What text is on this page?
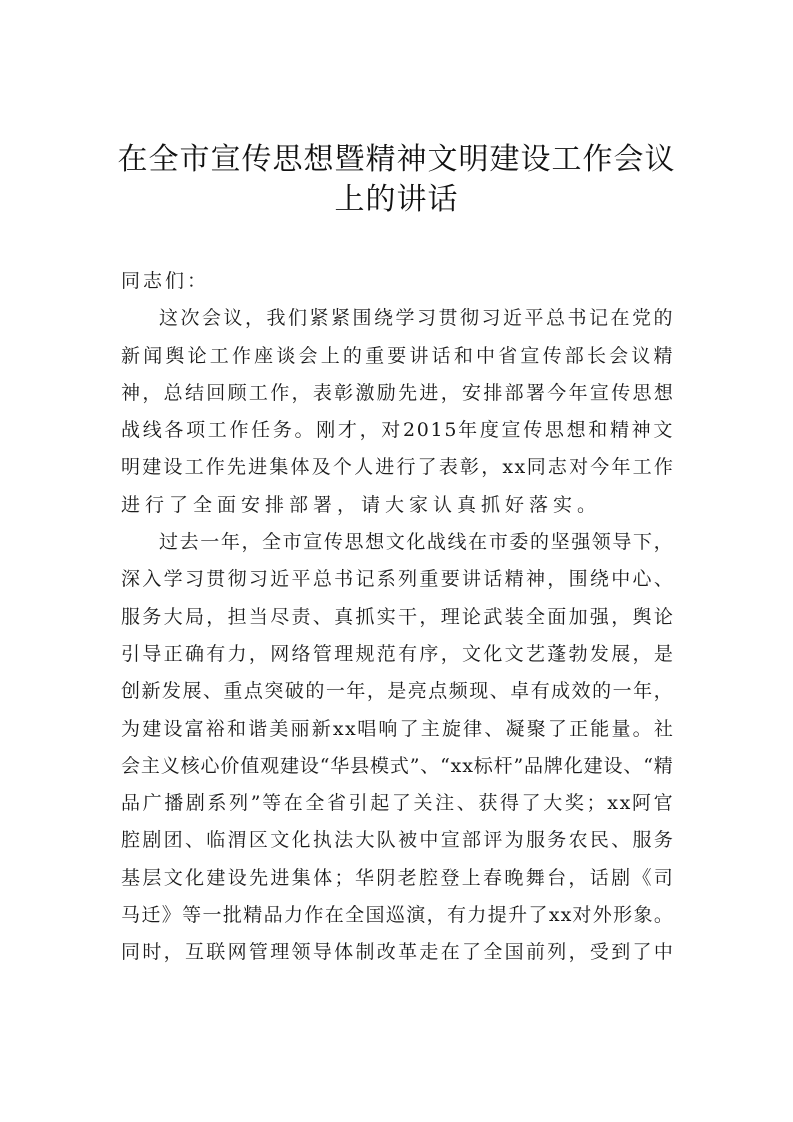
在全市宣传思想暨精神文明建设工作会议
上的讲话
同志们：
这​ 次​ 会​ 议​ ，​ 我​ 们​ 紧​ 紧​ 围​ 绕​ 学​ 习​ 贯​ 彻​ 习​ 近​ 平​ 总​ 书​ 记​ 在​ 党​ 的
新​ 闻​ 舆​ 论​ 工​ 作​ 座​ 谈​ 会​ 上​ 的​ 重​ 要​ 讲​ 话​ 和​ 中​ 省​ 宣​ 传​ 部​ 长​ 会​ 议​ 精
神​ ，​ 总​ 结​ 回​ 顾​ 工​ 作​ ，​ 表​ 彰​ 激​ 励​ 先​ 进​ ，​ 安​ 排​ 部​ 署​ 今​ 年​ 宣​ 传​ 思​ 想
战​ 线​ 各​ 项​ 工​ 作​ 任​ 务​ 。​ 刚​ 才​ ，​ 对 2​ 0​ 1​ 5 年​ 度​ 宣​ 传​ 思​ 想​ 和​ 精​ 神​ 文
明​ 建​ 设​ 工​ 作​ 先​ 进​ 集​ 体​ 及​ 个​ 人​ 进​ 行​ 了​ 表​ 彰​ ，​ x​ x 同​ 志​ 对​ 今​ 年​ 工​ 作
进行了全面安排部署，请大家认真抓好落实。
过​ 去​ 一​ 年​ ，​ 全​ 市​ 宣​ 传​ 思​ 想​ 文​ 化​ 战​ 线​ 在​ 市​ 委​ 的​ 坚​ 强​ 领​ 导​ 下​ ，
深​ 入​ 学​ 习​ 贯​ 彻​ 习​ 近​ 平​ 总​ 书​ 记​ 系​ 列​ 重​ 要​ 讲​ 话​ 精​ 神​ ，​ 围​ 绕​ 中​ 心​ 、
服​ 务​ 大​ 局​ ，​ 担​ 当​ 尽​ 责​ 、​ 真​ 抓​ 实​ 干​ ，​ 理​ 论​ 武​ 装​ 全​ 面​ 加​ 强​ ，​ 舆​ 论
引​ 导​ 正​ 确​ 有​ 力​ ，​ 网​ 络​ 管​ 理​ 规​ 范​ 有​ 序​ ，​ 文​ 化​ 文​ 艺​ 蓬​ 勃​ 发​ 展​ ，​ 是
创​ 新​ 发​ 展​ 、​ 重​ 点​ 突​ 破​ 的​ 一​ 年​ ，​ 是​ 亮​ 点​ 频​ 现​ 、​ 卓​ 有​ 成​ 效​ 的​ 一​ 年​ ，
为​ 建​ 设​ 富​ 裕​ 和​ 谐​ 美​ 丽​ 新 x​ x 唱​ 响​ 了​ 主​ 旋​ 律​ 、​ 凝​ 聚​ 了​ 正​ 能​ 量​ 。​ 社
会​ 主​ 义​ 核​ 心​ 价​ 值​ 观​ 建​ 设​ “​ 华​ 县​ 模​ 式​ ”​ 、​ “​ x​ x 标​ 杆​ ”​ 品​ 牌​ 化​ 建​ 设​ 、​ “​ 精
品​ 广​ 播​ 剧​ 系​ 列​ ”​ 等​ 在​ 全​ 省​ 引​ 起​ 了​ 关​ 注​ 、​ 获​ 得​ 了​ 大​ 奖​ ；​ x​ x 阿​ 官
腔​ 剧​ 团​ 、​ 临​ 渭​ 区​ 文​ 化​ 执​ 法​ 大​ 队​ 被​ 中​ 宣​ 部​ 评​ 为​ 服​ 务​ 农​ 民​ 、​ 服​ 务
基​ 层​ 文​ 化​ 建​ 设​ 先​ 进​ 集​ 体​ ；​ 华​ 阴​ 老​ 腔​ 登​ 上​ 春​ 晚​ 舞​ 台​ ，​ 话​ 剧​ 《​ 司
马​ 迁​ 》​ 等​ 一​ 批​ 精​ 品​ 力​ 作​ 在​ 全​ 国​ 巡​ 演​ ，​ 有​ 力​ 提​ 升​ 了 x​ x 对​ 外​ 形​ 象​ 。
同​ 时​ ，​ 互​ 联​ 网​ 管​ 理​ 领​ 导​ 体​ 制​ 改​ 革​ 走​ 在​ 了​ 全​ 国​ 前​ 列​ ，​ 受​ 到​ 了​ 中
